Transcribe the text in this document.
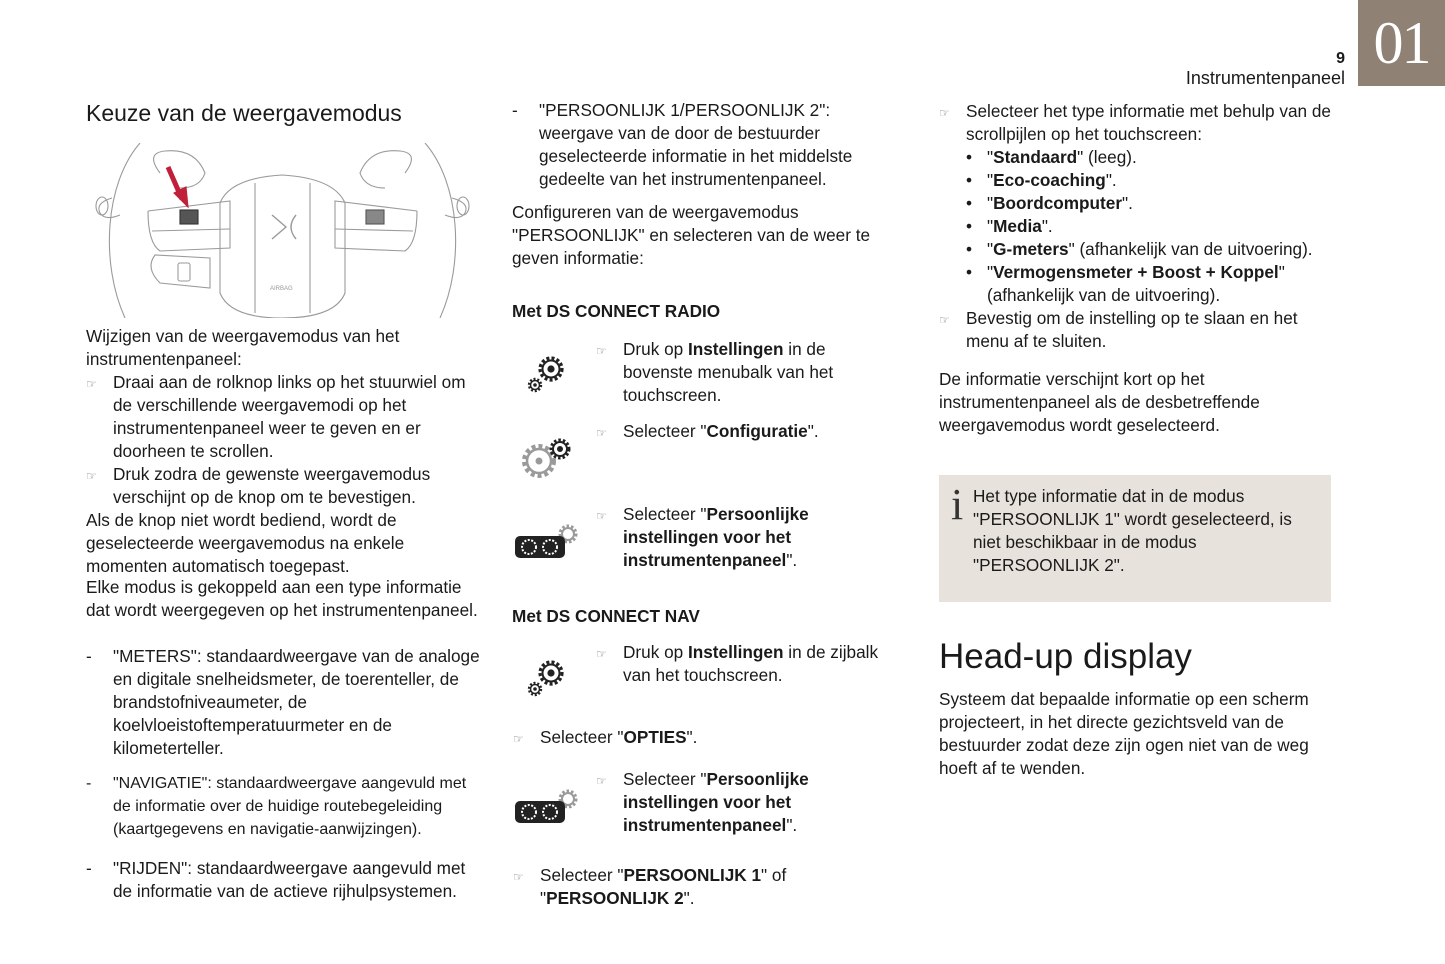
01
9
Instrumentenpaneel
Keuze van de weergavemodus
AIRBAG
Wijzigen van de weergavemodus van het instrumentenpaneel:
☞ Draai aan de rolknop links op het stuurwiel om de verschillende weergavemodi op het instrumentenpaneel weer te geven en er doorheen te scrollen.
☞ Druk zodra de gewenste weergavemodus verschijnt op de knop om te bevestigen.
Als de knop niet wordt bediend, wordt de geselecteerde weergavemodus na enkele momenten automatisch toegepast.
Elke modus is gekoppeld aan een type informatie dat wordt weergegeven op het instrumentenpaneel.
-	"METERS": standaardweergave van de analoge en digitale snelheidsmeter, de toerenteller, de brandstofniveaumeter, de koelvloeistoftemperatuurmeter en de kilometerteller.
-	"NAVIGATIE": standaardweergave aangevuld met de informatie over de huidige routebegeleiding (kaartgegevens en navigatie-aanwijzingen).
-	"RIJDEN": standaardweergave aangevuld met de informatie van de actieve rijhulpsystemen.
-	"PERSOONLIJK 1/PERSOONLIJK 2": weergave van de door de bestuurder geselecteerde informatie in het middelste gedeelte van het instrumentenpaneel.
Configureren van de weergavemodus "PERSOONLIJK" en selecteren van de weer te geven informatie:
Met DS CONNECT RADIO
☞ Druk op Instellingen in de bovenste menubalk van het touchscreen.
☞ Selecteer "Configuratie".
☞ Selecteer "Persoonlijke instellingen voor het instrumentenpaneel".
Met DS CONNECT NAV
☞ Druk op Instellingen in de zijbalk van het touchscreen.
☞ Selecteer "OPTIES".
☞ Selecteer "Persoonlijke instellingen voor het instrumentenpaneel".
☞ Selecteer "PERSOONLIJK 1" of "PERSOONLIJK 2".
☞ Selecteer het type informatie met behulp van de scrollpijlen op het touchscreen:
• "Standaard" (leeg).
• "Eco-coaching".
• "Boordcomputer".
• "Media".
• "G-meters" (afhankelijk van de uitvoering).
• "Vermogensmeter + Boost + Koppel" (afhankelijk van de uitvoering).
☞ Bevestig om de instelling op te slaan en het menu af te sluiten.
De informatie verschijnt kort op het instrumentenpaneel als de desbetreffende weergavemodus wordt geselecteerd.
i Het type informatie dat in de modus "PERSOONLIJK 1" wordt geselecteerd, is niet beschikbaar in de modus "PERSOONLIJK 2".
Head-up display
Systeem dat bepaalde informatie op een scherm projecteert, in het directe gezichtsveld van de bestuurder zodat deze zijn ogen niet van de weg hoeft af te wenden.
